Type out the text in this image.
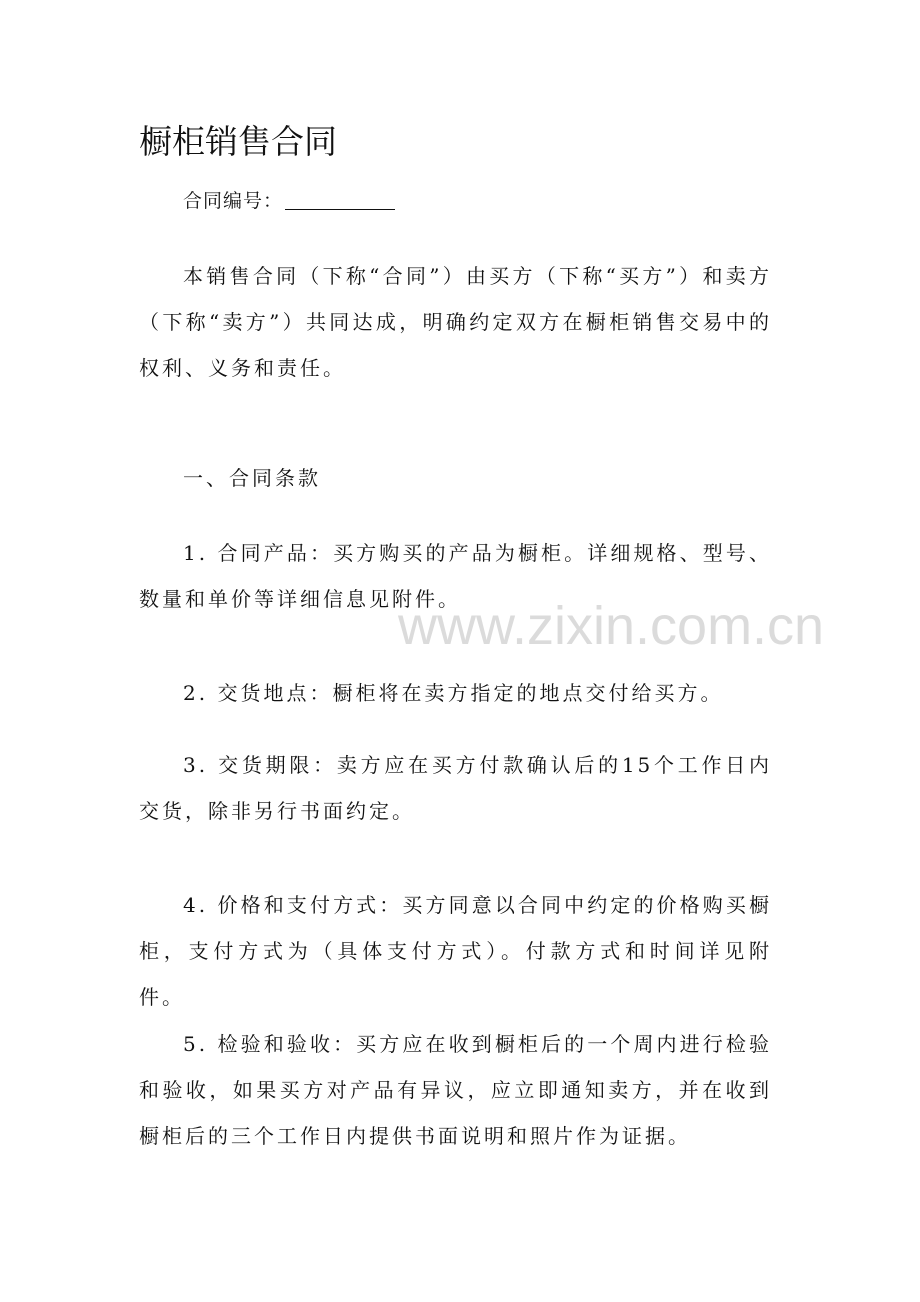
橱柜销售合同
合同编号：

本销售合同（下称“合同”）由买方（下称“买方”）和卖方（下称“卖方”）共同达成，明确约定双方在橱柜销售交易中的权利、义务和责任。

一、合同条款

1. 合同产品：买方购买的产品为橱柜。详细规格、型号、数量和单价等详细信息见附件。

2. 交货地点：橱柜将在卖方指定的地点交付给买方。

3. 交货期限：卖方应在买方付款确认后的15个工作日内交货，除非另行书面约定。

4. 价格和支付方式：买方同意以合同中约定的价格购买橱柜，支付方式为（具体支付方式）。付款方式和时间详见附件。

5. 检验和验收：买方应在收到橱柜后的一个周内进行检验和验收，如果买方对产品有异议，应立即通知卖方，并在收到橱柜后的三个工作日内提供书面说明和照片作为证据。

www.zixin.com.cn
